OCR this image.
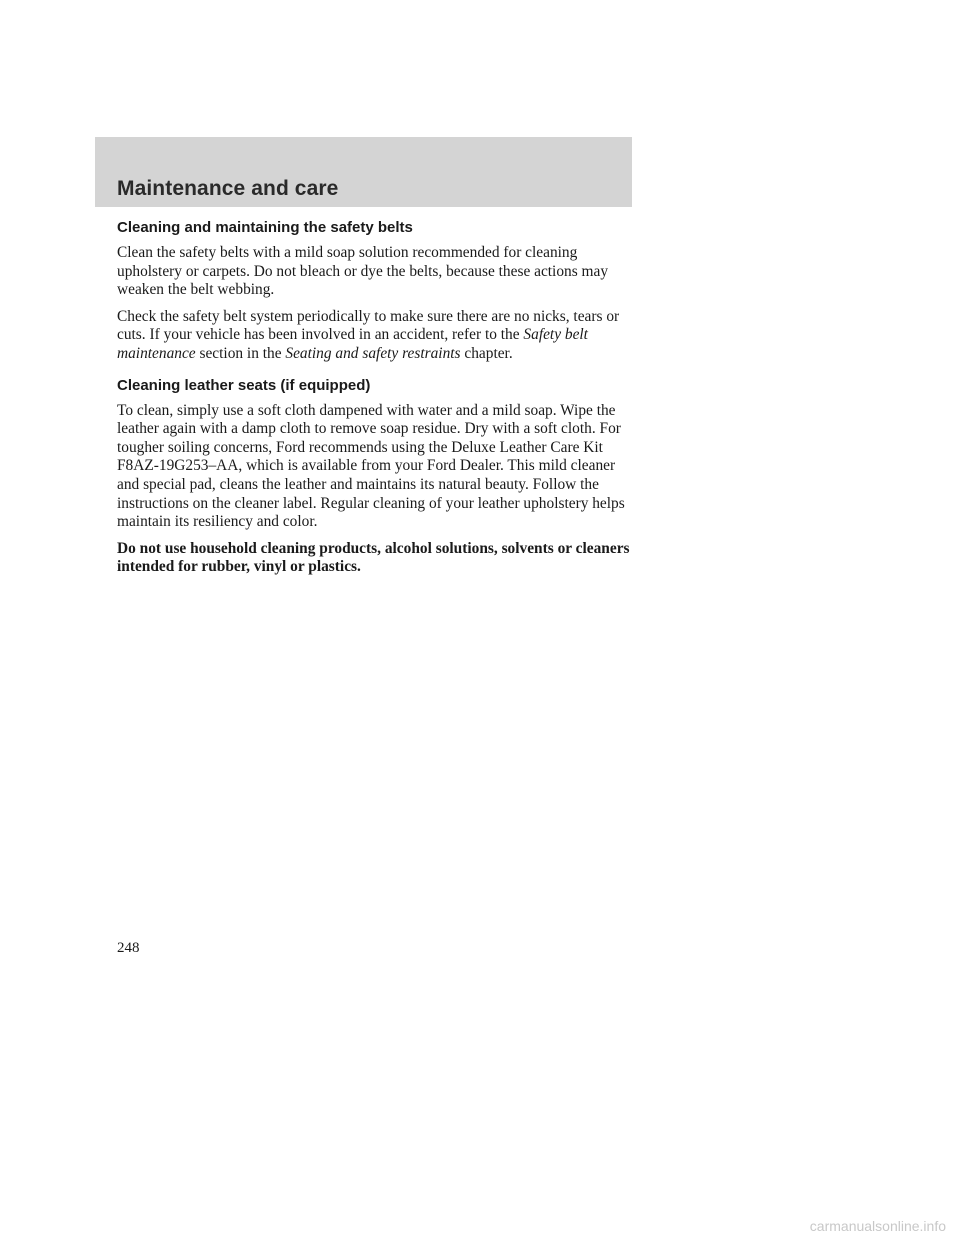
Maintenance and care
Cleaning and maintaining the safety belts

Clean the safety belts with a mild soap solution recommended for cleaning upholstery or carpets. Do not bleach or dye the belts, because these actions may weaken the belt webbing.

Check the safety belt system periodically to make sure there are no nicks, tears or cuts. If your vehicle has been involved in an accident, refer to the Safety belt maintenance section in the Seating and safety restraints chapter.

Cleaning leather seats (if equipped)

To clean, simply use a soft cloth dampened with water and a mild soap. Wipe the leather again with a damp cloth to remove soap residue. Dry with a soft cloth. For tougher soiling concerns, Ford recommends using the Deluxe Leather Care Kit F8AZ-19G253–AA, which is available from your Ford Dealer. This mild cleaner and special pad, cleans the leather and maintains its natural beauty. Follow the instructions on the cleaner label. Regular cleaning of your leather upholstery helps maintain its resiliency and color.

Do not use household cleaning products, alcohol solutions, solvents or cleaners intended for rubber, vinyl or plastics.

248

carmanualsonline.info
